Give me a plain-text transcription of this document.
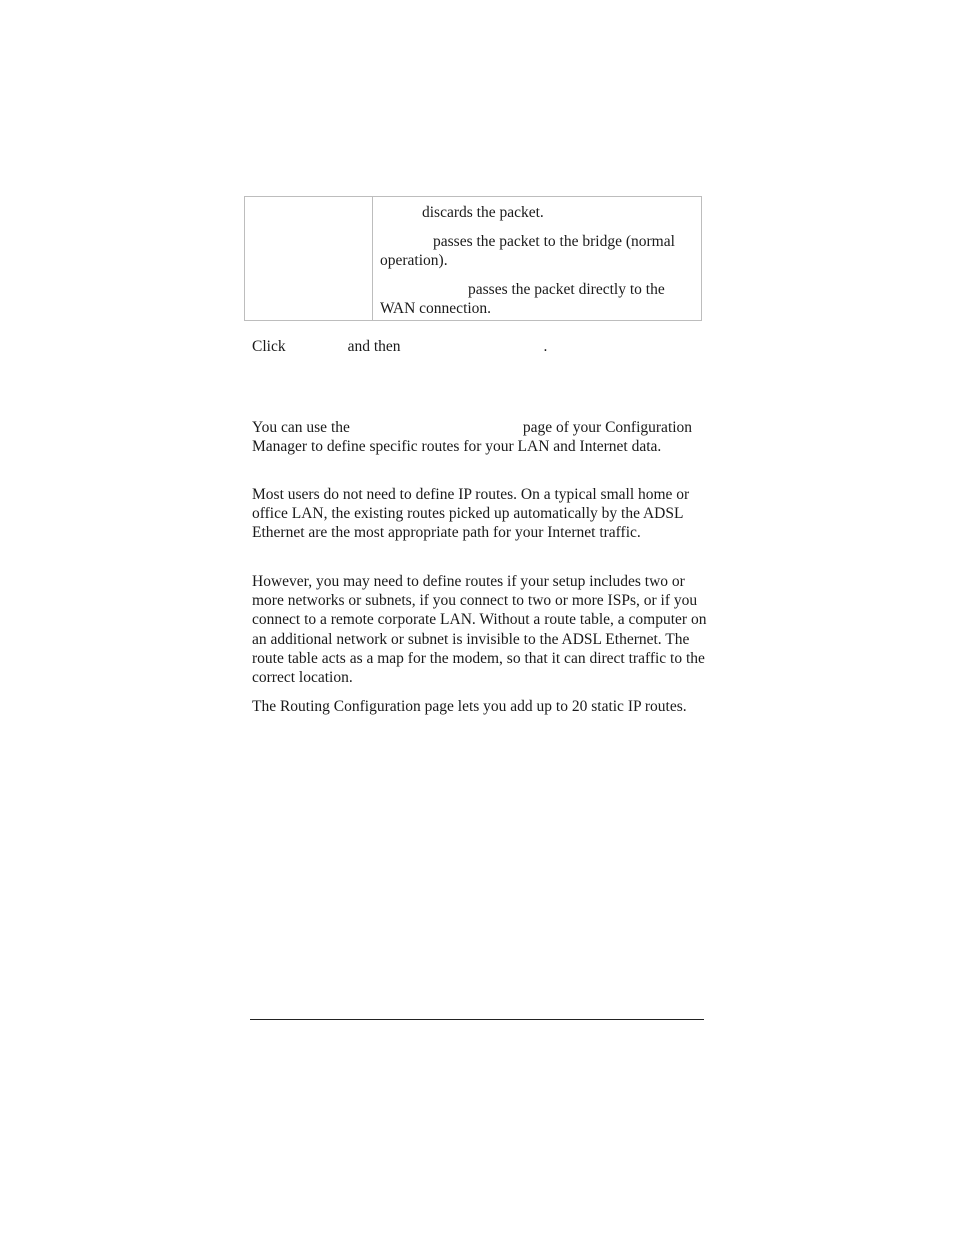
discards the packet.

passes the packet to the bridge (normal operation).

passes the packet directly to the WAN connection.

Click	and then	.

You can use the	page of your Configuration Manager to define specific routes for your LAN and Internet data.

Most users do not need to define IP routes. On a typical small home or office LAN, the existing routes picked up automatically by the ADSL Ethernet are the most appropriate path for your Internet traffic.

However, you may need to define routes if your setup includes two or more networks or subnets, if you connect to two or more ISPs, or if you connect to a remote corporate LAN. Without a route table, a computer on an additional network or subnet is invisible to the ADSL Ethernet. The route table acts as a map for the modem, so that it can direct traffic to the correct location.

The Routing Configuration page lets you add up to 20 static IP routes.
